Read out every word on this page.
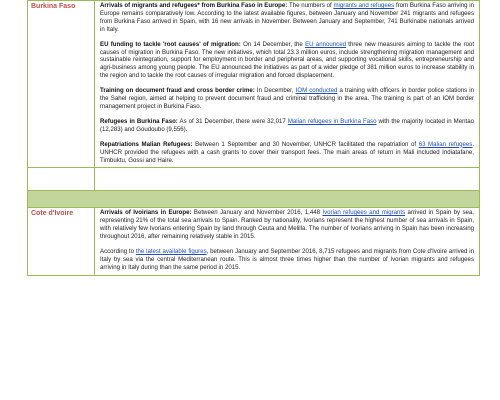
Burkina Faso	Arrivals of migrants and refugees* from Burkina Faso in Europe: The numbers of migrants and refugees from Burkina Faso arriving in Europe remains comparatively low. According to the latest available figures, between January and November 241 migrants and refugees from Burkina Faso arrived in Spain, with 16 new arrivals in November. Between January and September, 741 Burkinabe nationals arrived in Italy.
EU funding to tackle 'root causes' of migration: On 14 December, the EU announced three new measures aiming to tackle the root causes of migration in Burkina Faso. The new initiatives, which total 23.3 million euros, include strengthening migration management and sustainable reintegration, support for employment in border and peripheral areas, and supporting vocational skills, entrepreneurship and agri-business among young people. The EU announced the initiatives as part of a wider pledge of 381 million euros to increase stability in the region and to tackle the root causes of irregular migration and forced displacement.
Training on document fraud and cross border crime: In December, IOM conducted a training with officers in border police stations in the Sahel region, aimed at helping to prevent document fraud and criminal trafficking in the area. The training is part of an IOM border management project in Burkina Faso.
Refugees in Burkina Faso: As of 31 December, there were 32,017 Malian refugees in Burkina Faso with the majority located in Mentao (12,283) and Goudoubo (9,556).
Repatriations Malian Refugees: Between 1 September and 30 November, UNHCR facilitated the repatriation of 63 Malian refugees. UNHCR provided the refugees with a cash grants to cover their transport fees. The main areas of return in Mali included Indiatafane, Timbuktu, Gossi and Haire.

Cote d'Ivoire	Arrivals of Ivoirians in Europe: Between January and November 2016, 1,448 Ivorian refugees and migrants arrived in Spain by sea, representing 21% of the total sea arrivals to Spain. Ranked by nationality, Ivorians represent the highest number of sea arrivals in Spain, with relatively few Ivorians entering Spain by land through Ceuta and Melilla. The number of Ivorians arriving in Spain has been increasing throughout 2016, after remaining relatively stable in 2015.
According to the latest available figures, between January and September 2016, 8,715 refugees and migrants from Cote d'Ivoire arrived in Italy by sea via the central Mediterranean route. This is almost three times higher than the number of Ivorian migrants and refugees arriving in Italy during than the same period in 2015.
